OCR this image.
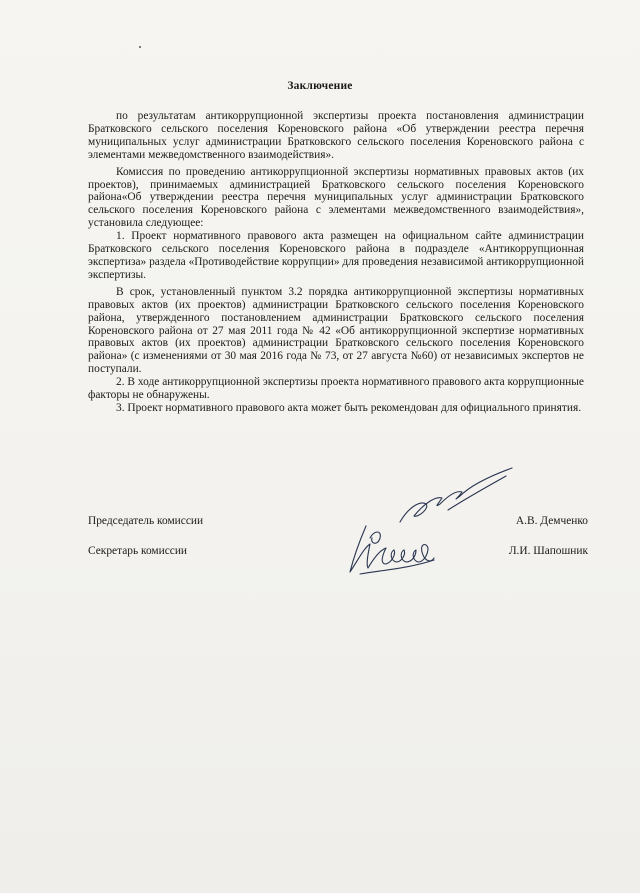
Заключение

по результатам антикоррупционной экспертизы проекта постановления администрации Братковского сельского поселения Кореновского района «Об утверждении реестра перечня муниципальных услуг администрации Братковского сельского поселения Кореновского района с элементами межведомственного взаимодействия».

Комиссия по проведению антикоррупционной экспертизы нормативных правовых актов (их проектов), принимаемых администрацией Братковского сельского поселения Кореновского района«Об утверждении реестра перечня муниципальных услуг администрации Братковского сельского поселения Кореновского района с элементами межведомственного взаимодействия», установила следующее:

1. Проект нормативного правового акта размещен на официальном сайте администрации Братковского сельского поселения Кореновского района в подразделе «Антикоррупционная экспертиза» раздела «Противодействие коррупции» для проведения независимой антикоррупционной экспертизы.

В срок, установленный пунктом 3.2 порядка антикоррупционной экспертизы нормативных правовых актов (их проектов) администрации Братковского сельского поселения Кореновского района, утвержденного постановлением администрации Братковского сельского поселения Кореновского района от 27 мая 2011 года № 42 «Об антикоррупционной экспертизе нормативных правовых актов (их проектов) администрации Братковского сельского поселения Кореновского района» (с изменениями от 30 мая 2016 года № 73, от 27 августа №60) от независимых экспертов не поступали.

2. В ходе антикоррупционной экспертизы проекта нормативного правового акта коррупционные факторы не обнаружены.

3. Проект нормативного правового акта может быть рекомендован для официального принятия.

Председатель комиссии	А.В. Демченко
Секретарь комиссии	Л.И. Шапошник
